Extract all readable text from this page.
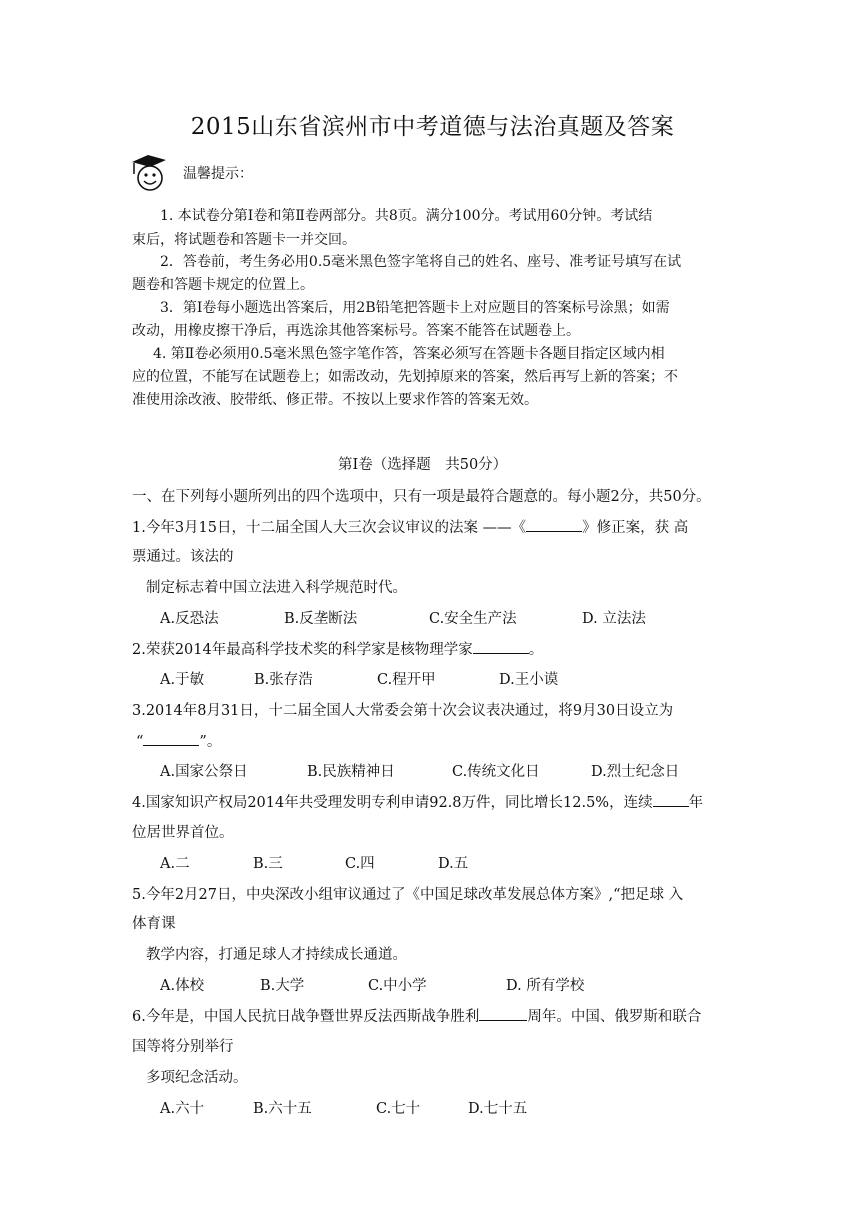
2015山东省滨州市中考道德与法治真题及答案
温馨提示：
1. 本试卷分第Ⅰ卷和第Ⅱ卷两部分。共8页。满分100分。考试用60分钟。考试结
束后，将试题卷和答题卡一并交回。
2．答卷前，考生务必用0.5毫米黑色签字笔将自己的姓名、座号、准考证号填写在试
题卷和答题卡规定的位置上。
3．第Ⅰ卷每小题选出答案后，用2B铅笔把答题卡上对应题目的答案标号涂黑；如需
改动，用橡皮擦干净后，再选涂其他答案标号。答案不能答在试题卷上。
4. 第Ⅱ卷必须用0.5毫米黑色签字笔作答，答案必须写在答题卡各题目指定区域内相
应的位置，不能写在试题卷上；如需改动，先划掉原来的答案，然后再写上新的答案；不
准使用涂改液、胶带纸、修正带。不按以上要求作答的答案无效。
第Ⅰ卷（选择题　共50分）
一、在下列每小题所列出的四个选项中，只有一项是最符合题意的。每小题2分，共50分。
1.今年3月15日，十二届全国人大三次会议审议的法案 ——《	》修正案，获 高
票通过。该法的
制定标志着中国立法进入科学规范时代。
A.反恐法	B.反垄断法	C.安全生产法	D. 立法法
2.荣获2014年最高科学技术奖的科学家是核物理学家	。
A.于敏	B.张存浩	C.程开甲	D.王小谟
3.2014年8月31日，十二届全国人大常委会第十次会议表决通过，将9月30日设立为
“	”。
A.国家公祭日	B.民族精神日	C.传统文化日	D.烈士纪念日
4.国家知识产权局2014年共受理发明专利申请92.8万件，同比增长12.5%，连续 年
位居世界首位。
A.二	B.三	C.四	D.五
5.今年2月27日，中央深改小组审议通过了《中国足球改革发展总体方案》,“把足球 入
体育课
教学内容，打通足球人才持续成长通道。
A.体校	B.大学	C.中小学	D. 所有学校
6.今年是，中国人民抗日战争暨世界反法西斯战争胜利	周年。中国、俄罗斯和联合
国等将分别举行
多项纪念活动。
A.六十	B.六十五	C.七十	D.七十五
